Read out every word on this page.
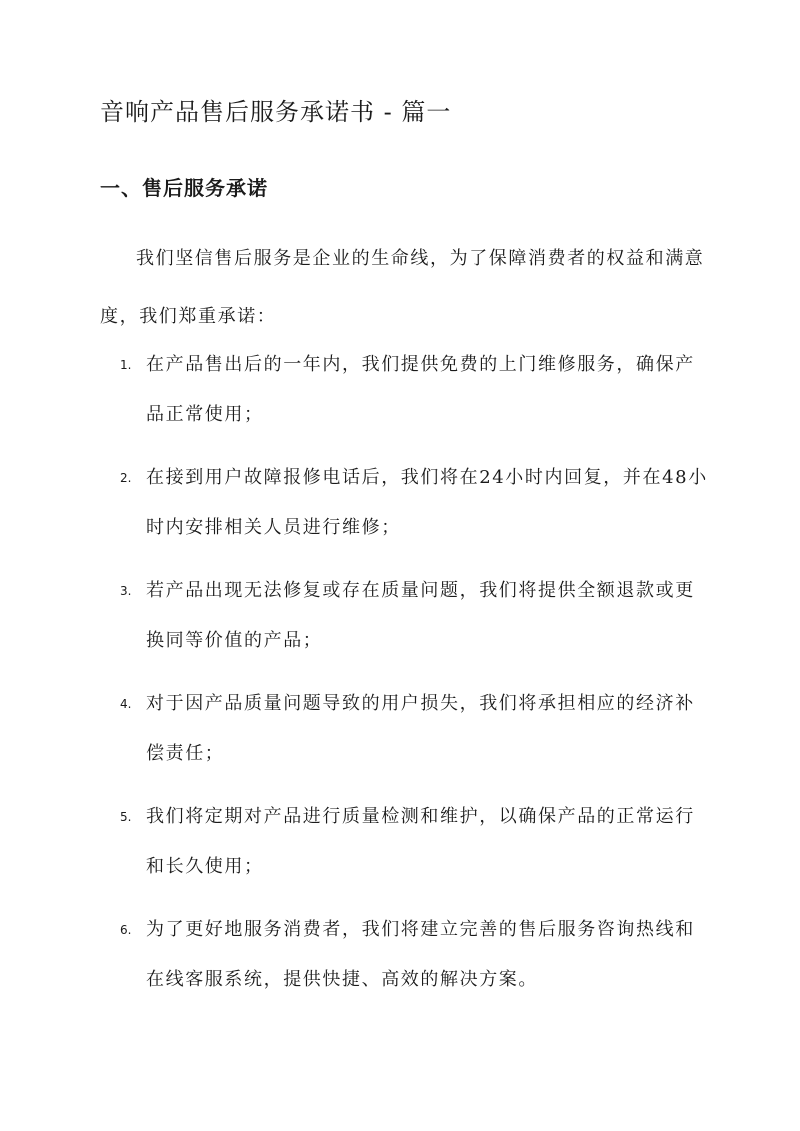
音响产品售后服务承诺书 - 篇一
一、售后服务承诺

我们坚信售后服务是企业的生命线，为了保障消费者的权益和满意度，我们郑重承诺：

1. 在产品售出后的一年内，我们提供免费的上门维修服务，确保产品正常使用；
2. 在接到用户故障报修电话后，我们将在24小时内回复，并在48小时内安排相关人员进行维修；
3. 若产品出现无法修复或存在质量问题，我们将提供全额退款或更换同等价值的产品；
4. 对于因产品质量问题导致的用户损失，我们将承担相应的经济补偿责任；
5. 我们将定期对产品进行质量检测和维护，以确保产品的正常运行和长久使用；
6. 为了更好地服务消费者，我们将建立完善的售后服务咨询热线和在线客服系统，提供快捷、高效的解决方案。
